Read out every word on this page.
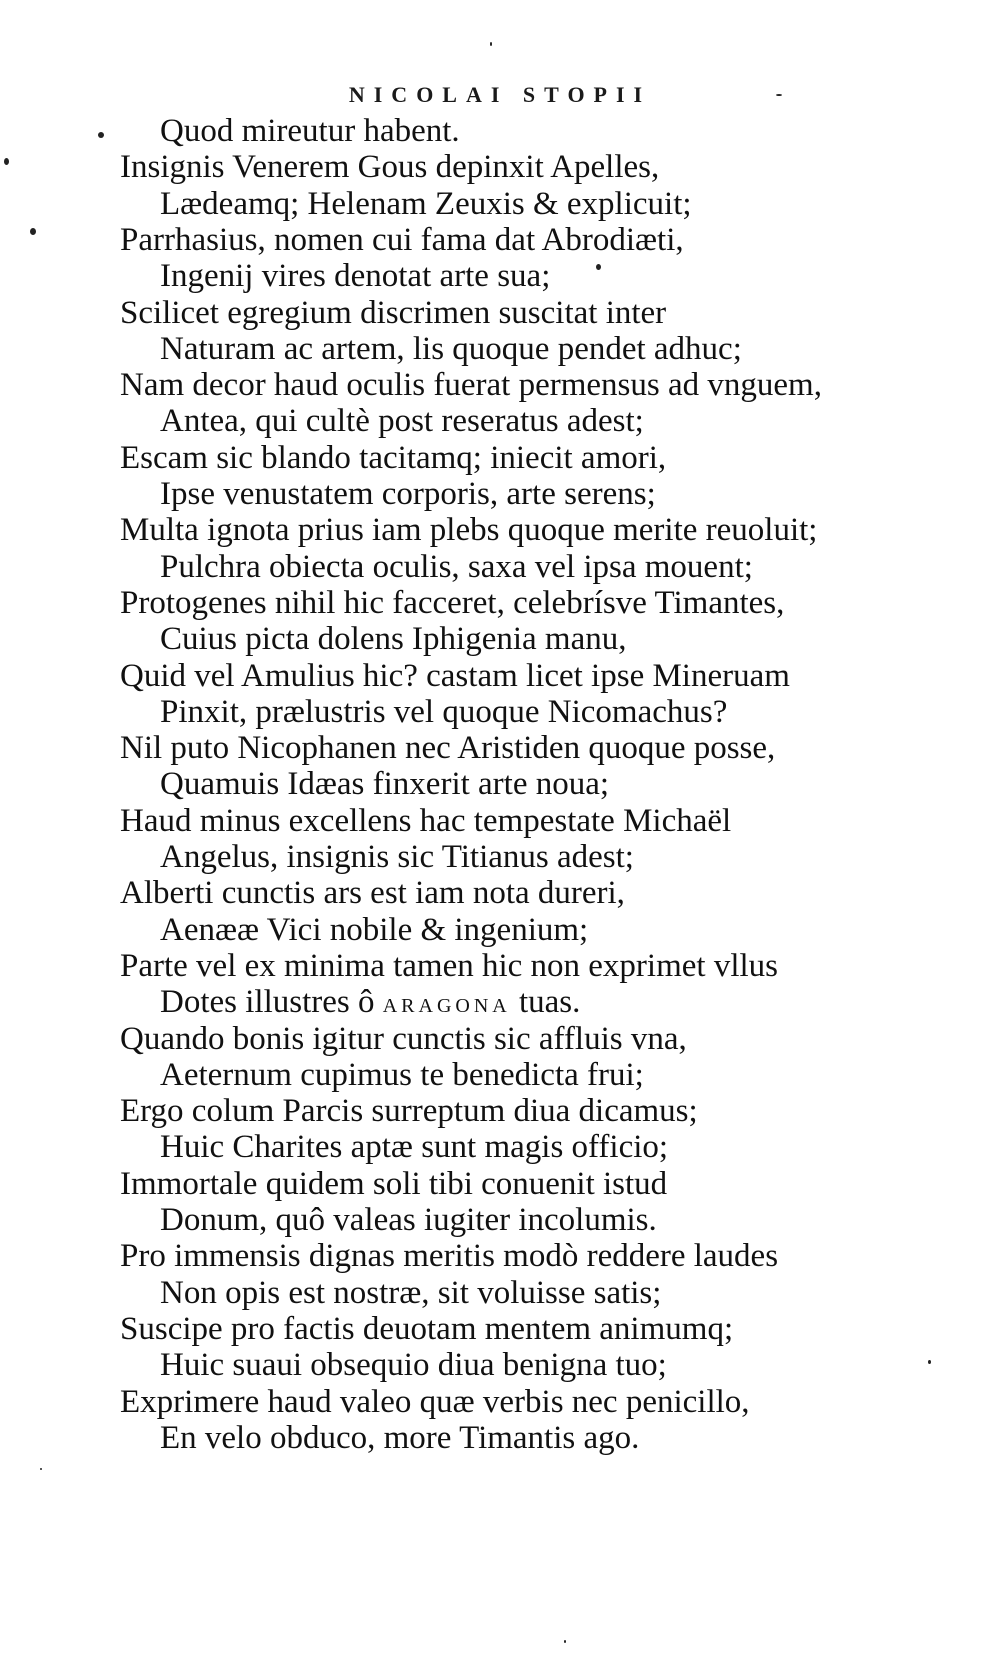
NICOLAI STOPII
Quod mireutur habent.
Insignis Venerem Gous depinxit Apelles,
Lædeamq; Helenam Zeuxis & explicuit;
Parrhasius, nomen cui fama dat Abrodiæti,
Ingenij vires denotat arte sua;
Scilicet egregium discrimen suscitat inter
Naturam ac artem, lis quoque pendet adhuc;
Nam decor haud oculis fuerat permensus ad vnguem,
Antea, qui cultè post reseratus adest;
Escam sic blando tacitamq; iniecit amori,
Ipse venustatem corporis, arte serens;
Multa ignota prius iam plebs quoque merite reuoluit;
Pulchra obiecta oculis, saxa vel ipsa mouent;
Protogenes nihil hic facceret, celebrísve Timantes,
Cuius picta dolens Iphigenia manu,
Quid vel Amulius hic? castam licet ipse Mineruam
Pinxit, prælustris vel quoque Nicomachus?
Nil puto Nicophanen nec Aristiden quoque posse,
Quamuis Idæas finxerit arte noua;
Haud minus excellens hac tempestate Michaël
Angelus, insignis sic Titianus adest;
Alberti cunctis ars est iam nota dureri,
Aenææ Vici nobile & ingenium;
Parte vel ex minima tamen hic non exprimet vllus
Dotes illustres ô ARAGONA tuas.
Quando bonis igitur cunctis sic affluis vna,
Aeternum cupimus te benedicta frui;
Ergo colum Parcis surreptum diua dicamus;
Huic Charites aptæ sunt magis officio;
Immortale quidem soli tibi conuenit istud
Donum, quô valeas iugiter incolumis.
Pro immensis dignas meritis modò reddere laudes
Non opis est nostræ, sit voluisse satis;
Suscipe pro factis deuotam mentem animumq;
Huic suaui obsequio diua benigna tuo;
Exprimere haud valeo quæ verbis nec penicillo,
En velo obduco, more Timantis ago.
